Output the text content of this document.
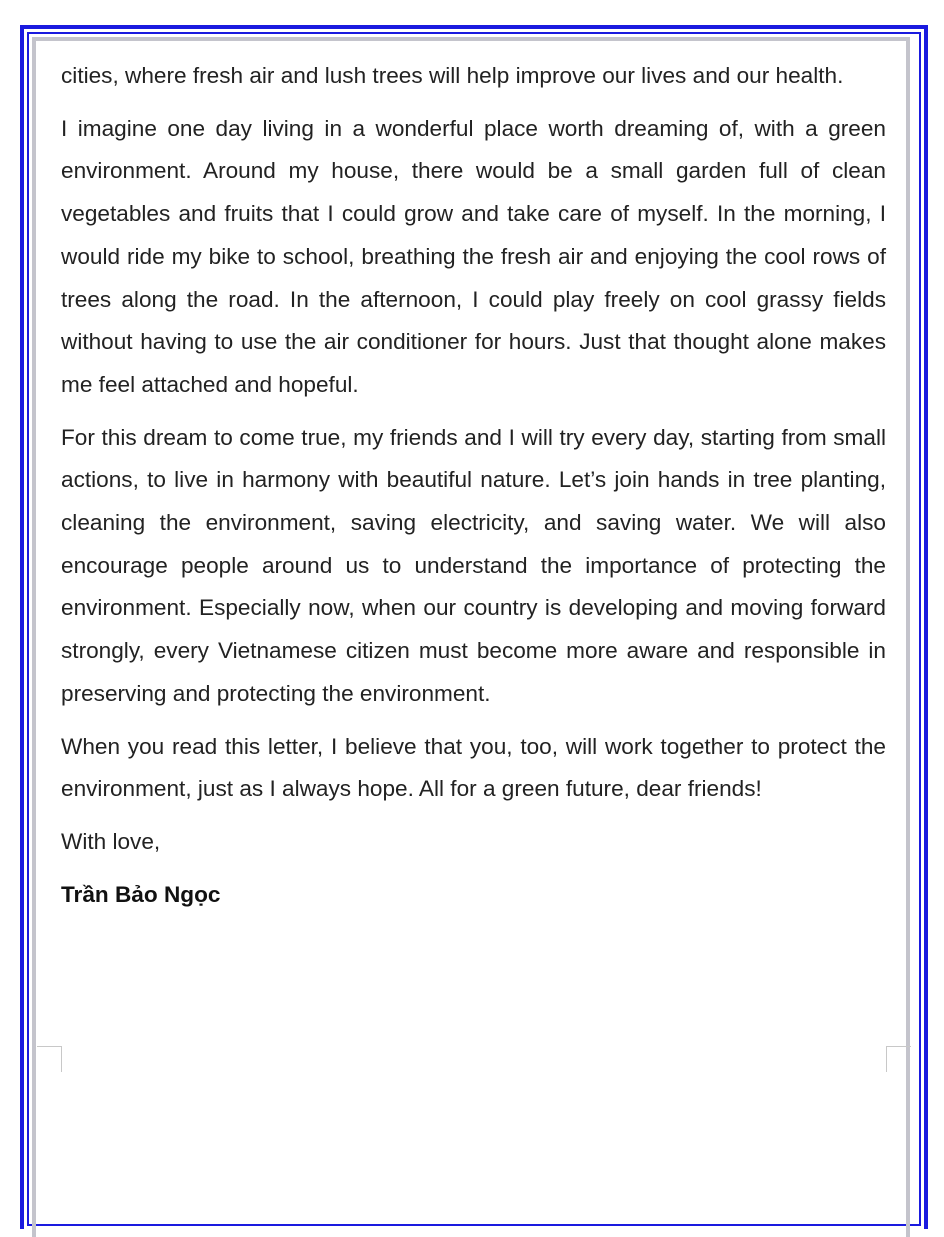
cities, where fresh air and lush trees will help improve our lives and our health.

I imagine one day living in a wonderful place worth dreaming of, with a green environment. Around my house, there would be a small garden full of clean vegetables and fruits that I could grow and take care of myself. In the morning, I would ride my bike to school, breathing the fresh air and enjoying the cool rows of trees along the road. In the afternoon, I could play freely on cool grassy fields without having to use the air conditioner for hours. Just that thought alone makes me feel attached and hopeful.

For this dream to come true, my friends and I will try every day, starting from small actions, to live in harmony with beautiful nature. Let’s join hands in tree planting, cleaning the environment, saving electricity, and saving water. We will also encourage people around us to understand the importance of protecting the environment. Especially now, when our country is developing and moving forward strongly, every Vietnamese citizen must become more aware and responsible in preserving and protecting the environment.

When you read this letter, I believe that you, too, will work together to protect the environment, just as I always hope. All for a green future, dear friends!

With love,

Trần Bảo Ngọc
